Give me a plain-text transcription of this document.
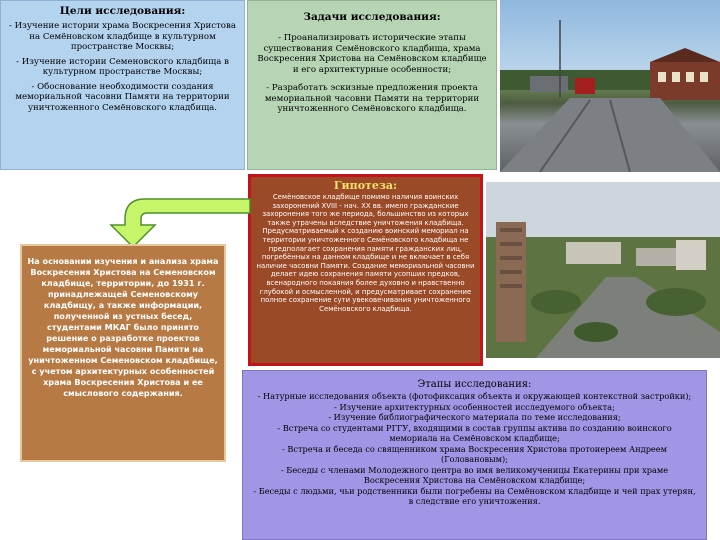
Цели исследования:

- Изучение истории храма Воскресения Христова на Семёновском кладбище в культурном пространстве Москвы;

- Изучение истории Семеновского кладбища в культурном пространстве Москвы;

- Обоснование необходимости создания мемориальной часовни Памяти на территории уничтоженного Семёновского кладбища.

Задачи исследования:

- Проанализировать исторические этапы существования Семёновского кладбища, храма Воскресения Христова на Семёновском кладбище и его архитектурные особенности;

- Разработать эскизные предложения проекта мемориальной часовни Памяти на территории уничтоженного Семёновского кладбища.

Гипотеза:

Семёновское кладбище помимо наличия воинских захоронений XVIII - нач. XX вв. имело гражданские захоронения того же периода, большинство из которых также утрачены вследствие уничтожения кладбища. Предусматриваемый к созданию воинский мемориал на территории уничтоженного Семёновского кладбища не предполагает сохранения памяти гражданских лиц, погребённых на данном кладбище и не включает в себя наличие часовни Памяти. Создание мемориальной часовни делает идею сохранения памяти усопших предков, всенародного покаяния более духовно и нравственно глубокой и осмысленной, и предусматривает сохранение полное сохранение сути увековечивания уничтоженного Семёновского кладбища.

На основании изучения и анализа храма Воскресения Христова на Семеновском кладбище, территории, до 1931 г. принадлежащей Семеновскому кладбищу, а также информации, полученной из устных бесед, студентами МКАГ было принято решение о разработке проектов мемориальной часовни Памяти на уничтоженном Семеновском кладбище, с учетом архитектурных особенностей храма Воскресения Христова и ее смыслового содержания.

Этапы исследования:

- Натурные исследования объекта (фотофиксация объекта и окружающей контекстной застройки);

- Изучение архитектурных особенностей исследуемого объекта;

- Изучение библиографического материала по теме исследования;

- Встреча со студентами РГГУ, входящими в состав группы актива по созданию воинского мемориала на Семёновском кладбище;

- Встреча и беседа со священником храма Воскресения Христова протоиереем Андреем (Головановым);

- Беседы с членами Молодежного центра во имя великомученицы Екатерины при храме Воскресения Христова на Семёновском кладбище;

- Беседы с людьми, чьи родственники были погребены на Семёновском кладбище и чей прах утерян, в следствие его уничтожения.
